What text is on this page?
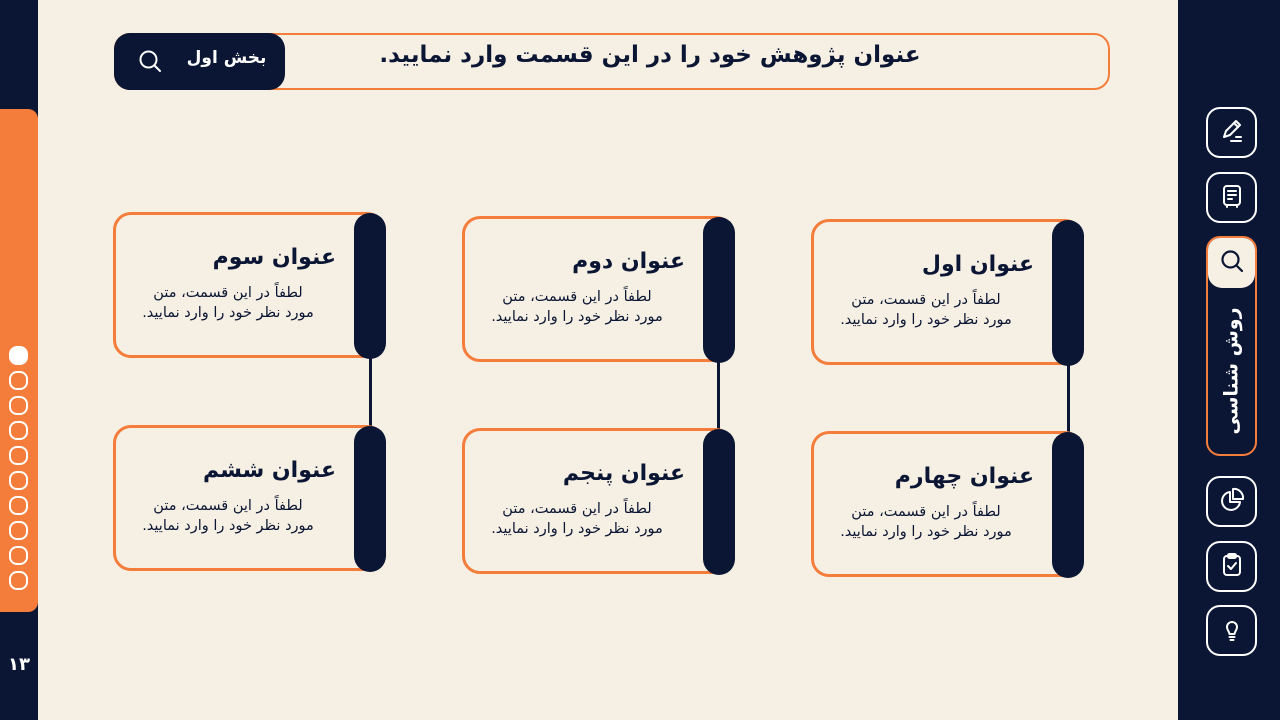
۱۳
روش شناسی
عنوان پژوهش خود را در این قسمت وارد نمایید.
بخش اول
عنوان اول
لطفاً در این قسمت، متن
مورد نظر خود را وارد نمایید.
عنوان دوم
لطفاً در این قسمت، متن
مورد نظر خود را وارد نمایید.
عنوان سوم
لطفاً در این قسمت، متن
مورد نظر خود را وارد نمایید.
عنوان چهارم
لطفاً در این قسمت، متن
مورد نظر خود را وارد نمایید.
عنوان پنجم
لطفاً در این قسمت، متن
مورد نظر خود را وارد نمایید.
عنوان ششم
لطفاً در این قسمت، متن
مورد نظر خود را وارد نمایید.
